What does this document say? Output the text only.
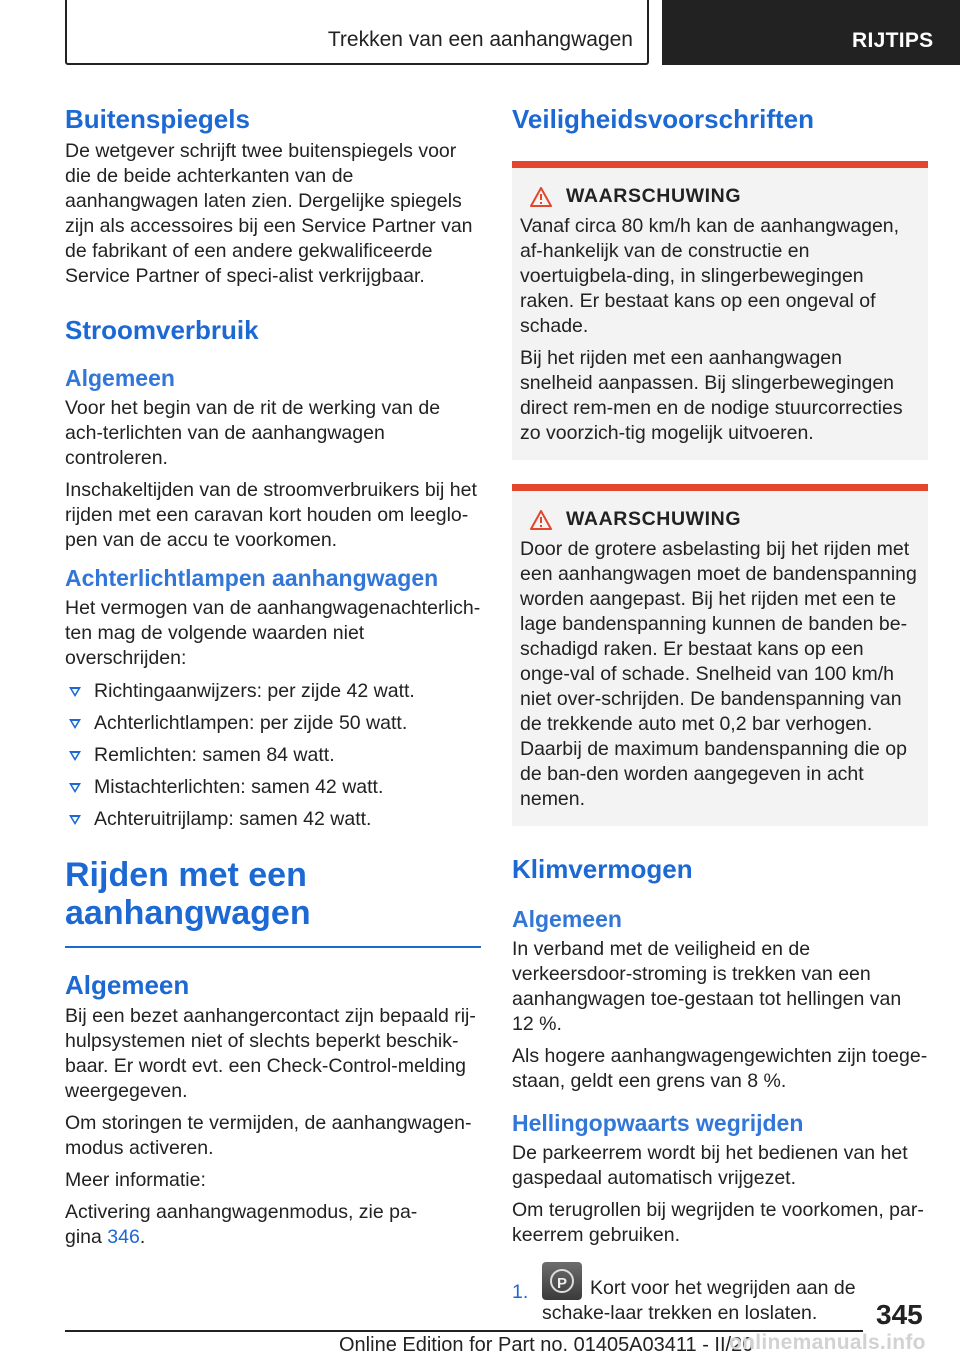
Trekken van een aanhangwagen	RIJTIPS
Buitenspiegels

De wetgever schrijft twee buitenspiegels voor die de beide achterkanten van de aanhangwagen laten zien. Dergelijke spiegels zijn als accessoires bij een Service Partner van de fabrikant of een andere gekwalificeerde Service Partner of speci-alist verkrijgbaar.

Stroomverbruik
Algemeen

Voor het begin van de rit de werking van de ach-terlichten van de aanhangwagen controleren.

Inschakeltijden van de stroomverbruikers bij het rijden met een caravan kort houden om leeglo-pen van de accu te voorkomen.

Achterlichtlampen aanhangwagen

Het vermogen van de aanhangwagenachterlich-ten mag de volgende waarden niet overschrijden:

Richtingaanwijzers: per zijde 42 watt.
Achterlichtlampen: per zijde 50 watt.
Remlichten: samen 84 watt.
Mistachterlichten: samen 42 watt.
Achteruitrijlamp: samen 42 watt.
Rijden met een
aanhangwagen
Algemeen

Bij een bezet aanhangercontact zijn bepaald rij-hulpsystemen niet of slechts beperkt beschik-baar. Er wordt evt. een Check-Control-melding weergegeven.

Om storingen te vermijden, de aanhangwagen-modus activeren.

Meer informatie:

Activering aanhangwagenmodus, zie pa-
gina 346.

Veiligheidsvoorschriften
WAARSCHUWING

Vanaf circa 80 km/h kan de aanhangwagen, af-hankelijk van de constructie en voertuigbela-ding, in slingerbewegingen raken. Er bestaat kans op een ongeval of schade.

Bij het rijden met een aanhangwagen snelheid aanpassen. Bij slingerbewegingen direct rem-men en de nodige stuurcorrecties zo voorzich-tig mogelijk uitvoeren.

WAARSCHUWING

Door de grotere asbelasting bij het rijden met een aanhangwagen moet de bandenspanning worden aangepast. Bij het rijden met een te lage bandenspanning kunnen de banden be-schadigd raken. Er bestaat kans op een onge-val of schade. Snelheid van 100 km/h niet over-schrijden. De bandenspanning van de trekkende auto met 0,2 bar verhogen. Daarbij de maximum bandenspanning die op de ban-den worden aangegeven in acht nemen.

Klimvermogen
Algemeen

In verband met de veiligheid en de verkeersdoor-stroming is trekken van een aanhangwagen toe-gestaan tot hellingen van 12 %.

Als hogere aanhangwagengewichten zijn toege-staan, geldt een grens van 8 %.

Hellingopwaarts wegrijden

De parkeerrem wordt bij het bedienen van het gaspedaal automatisch vrijgezet.

Om terugrollen bij wegrijden te voorkomen, par-keerrem gebruiken.

1.	P	Kort voor het wegrijden aan de schake-laar trekken en loslaten.	345
Online Edition for Part no. 01405A03411 - II/20
onlinemanuals.info
